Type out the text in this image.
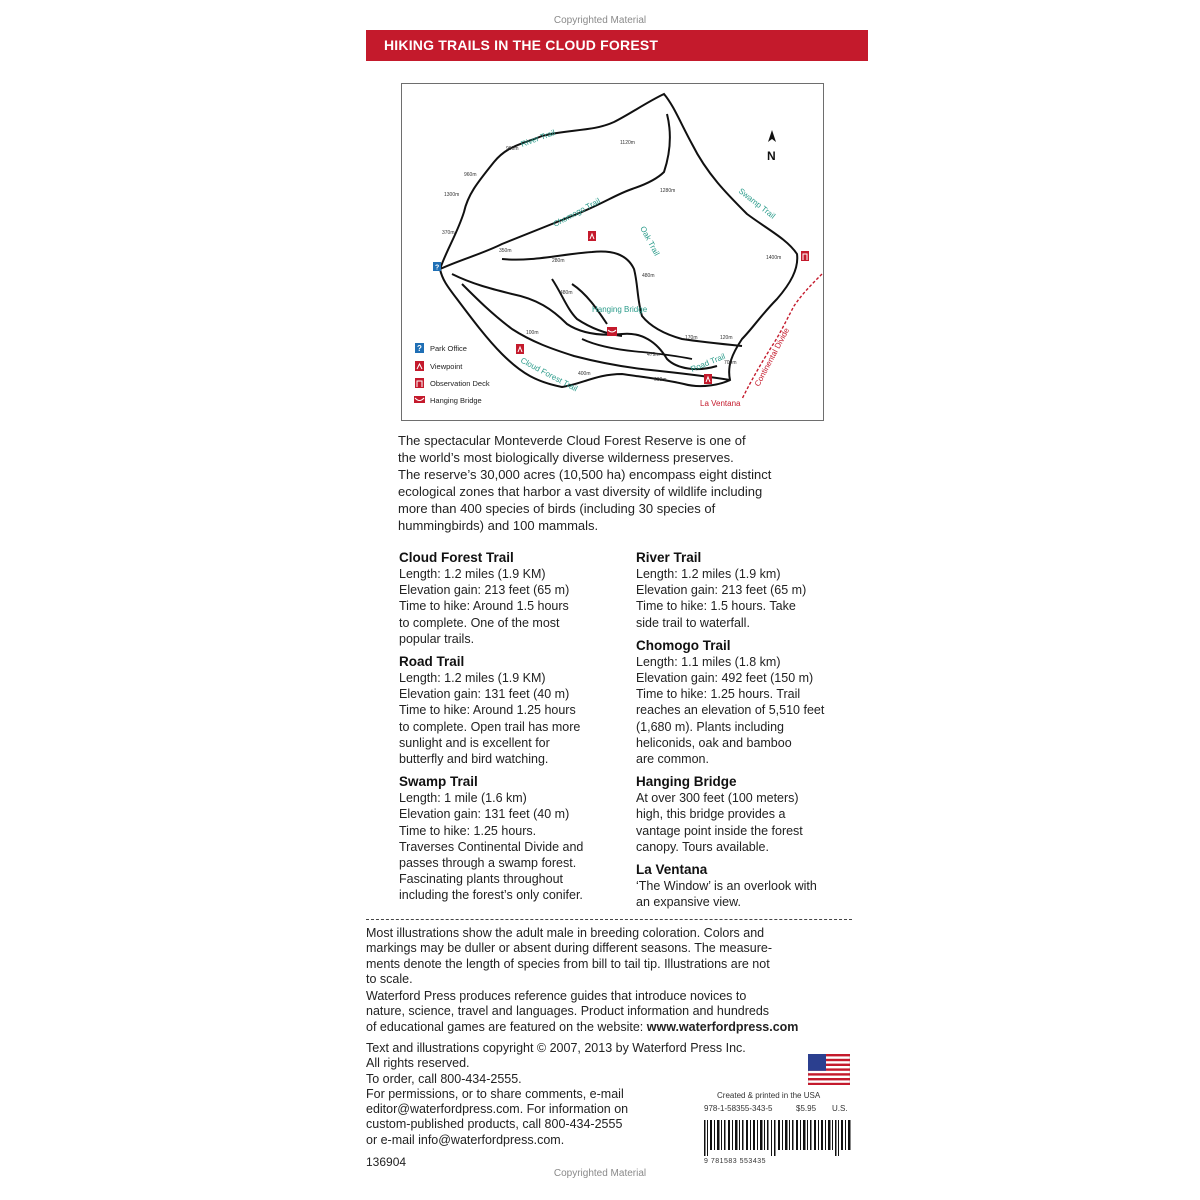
Copyrighted Material
HIKING TRAILS IN THE CLOUD FOREST
River Trail
Chomogo Trail
Oak Trail
Swamp Trail
Cloud Forest Trail	Road Trail	Continental Divide
Hanging Bridge
La Ventana
1120m
1280m
1400m
960m
960m
1300m
370m
350m
280m
480m
480m
170m	120m
479m
700m
100m
400m
600m
?
N
? Park Office
Viewpoint
Observation Deck
Hanging Bridge
The spectacular Monteverde Cloud Forest Reserve is one of
the world’s most biologically diverse wilderness preserves.
The reserve’s 30,000 acres (10,500 ha) encompass eight distinct
ecological zones that harbor a vast diversity of wildlife including
more than 400 species of birds (including 30 species of
hummingbirds) and 100 mammals.
Cloud Forest Trail
Length: 1.2 miles (1.9 KM)
Elevation gain: 213 feet (65 m)
Time to hike: Around 1.5 hours
to complete. One of the most
popular trails.
Road Trail
Length: 1.2 miles (1.9 KM)
Elevation gain: 131 feet (40 m)
Time to hike: Around 1.25 hours
to complete. Open trail has more
sunlight and is excellent for
butterfly and bird watching.
Swamp Trail
Length: 1 mile (1.6 km)
Elevation gain: 131 feet (40 m)
Time to hike: 1.25 hours.
Traverses Continental Divide and
passes through a swamp forest.
Fascinating plants throughout
including the forest’s only conifer.
River Trail
Length: 1.2 miles (1.9 km)
Elevation gain: 213 feet (65 m)
Time to hike: 1.5 hours. Take
side trail to waterfall.
Chomogo Trail
Length: 1.1 miles (1.8 km)
Elevation gain: 492 feet (150 m)
Time to hike: 1.25 hours. Trail
reaches an elevation of 5,510 feet
(1,680 m). Plants including
heliconids, oak and bamboo
are common.
Hanging Bridge
At over 300 feet (100 meters)
high, this bridge provides a
vantage point inside the forest
canopy. Tours available.
La Ventana
‘The Window’ is an overlook with
an expansive view.
Most illustrations show the adult male in breeding coloration. Colors and
markings may be duller or absent during different seasons. The measure-
ments denote the length of species from bill to tail tip. Illustrations are not
to scale.
Waterford Press produces reference guides that introduce novices to
nature, science, travel and languages. Product information and hundreds
of educational games are featured on the website: www.waterfordpress.com
Text and illustrations copyright © 2007, 2013 by Waterford Press Inc.
All rights reserved.
To order, call 800-434-2555.
For permissions, or to share comments, e-mail
editor@waterfordpress.com. For information on
custom-published products, call 800-434-2555
or e-mail info@waterfordpress.com.
136904
Created & printed in the USA
978-1-58355-343-5	$5.95 U.S.
9 781583 553435
Copyrighted Material
